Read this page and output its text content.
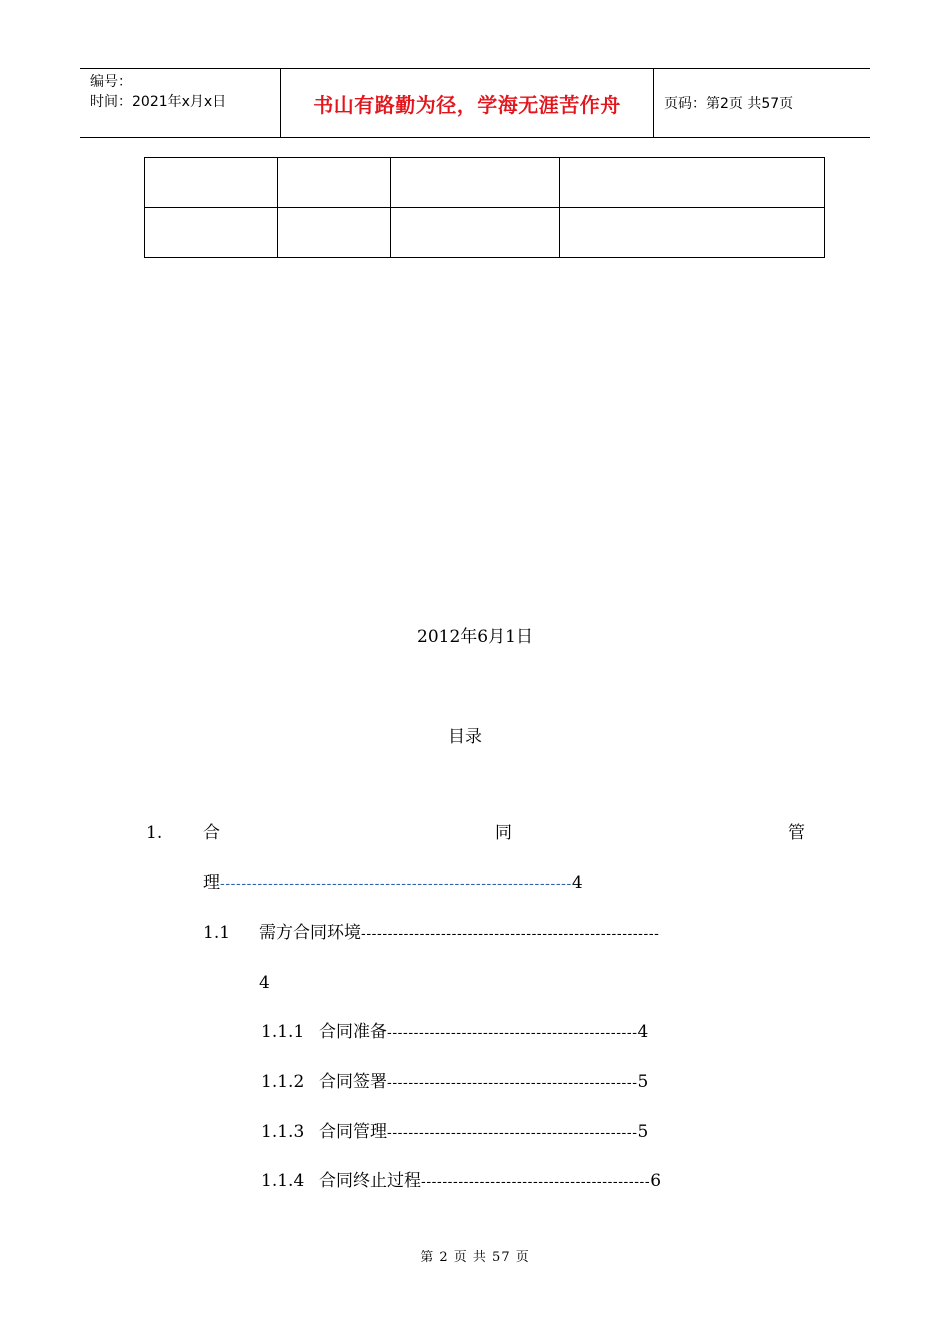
编号：
时间：2021年x月x日	书山有路勤为径，学海无涯苦作舟	页码：第2页 共57页

2012年6月1日
目录
1. 合	同	管
理------------------------------------------------------------------4
1.1 需方合同环境--------------------------------------------------------
4
1.1.1 合同准备-----------------------------------------------4
1.1.2 合同签署-----------------------------------------------5
1.1.3 合同管理-----------------------------------------------5
1.1.4 合同终止过程-------------------------------------------6
第 2 页 共 57 页
